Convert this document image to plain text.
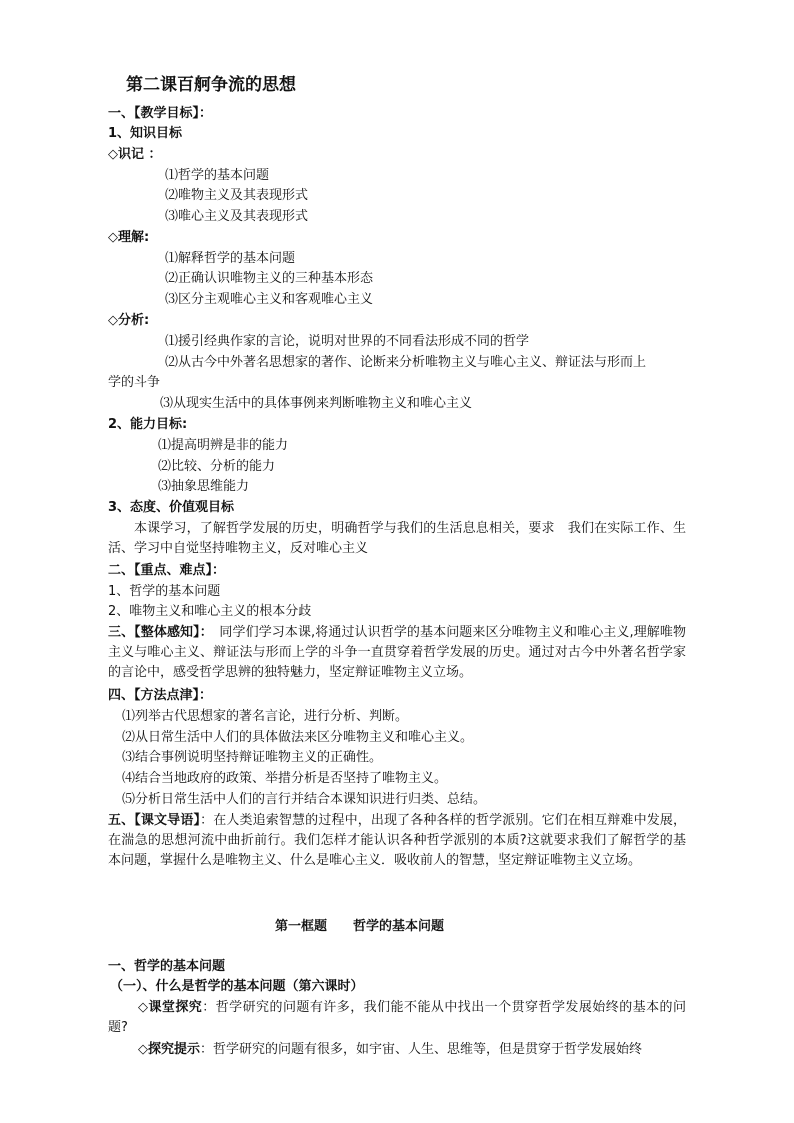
第二课百舸争流的思想
一、【教学目标】：
1、知识目标
◇识记 ：
⑴哲学的基本问题
⑵唯物主义及其表现形式
⑶唯心主义及其表现形式
◇理解:
⑴解释哲学的基本问题
⑵正确认识唯物主义的三种基本形态
⑶区分主观唯心主义和客观唯心主义
◇分析:
⑴援引经典作家的言论，说明对世界的不同看法形成不同的哲学
⑵从古今中外著名思想家的著作、论断来分析唯物主义与唯心主义、辩证法与形而上
学的斗争
⑶从现实生活中的具体事例来判断唯物主义和唯心主义
2、能力目标:
⑴提高明辨是非的能力
⑵比较、分析的能力
⑶抽象思维能力
3、态度、价值观目标
本课学习，了解哲学发展的历史，明确哲学与我们的生活息息相关，要求　我们在实际工作、生活、学习中自觉坚持唯物主义，反对唯心主义
二、【重点、难点】：
1、哲学的基本问题
2、唯物主义和唯心主义的根本分歧
三、【整体感知】：　同学们学习本课,将通过认识哲学的基本问题来区分唯物主义和唯心主义,理解唯物主义与唯心主义、辩证法与形而上学的斗争一直贯穿着哲学发展的历史。通过对古今中外著名哲学家的言论中，感受哲学思辨的独特魅力，坚定辩证唯物主义立场。
四、【方法点津】：
⑴列举古代思想家的著名言论，进行分析、判断。
⑵从日常生活中人们的具体做法来区分唯物主义和唯心主义。
⑶结合事例说明坚持辩证唯物主义的正确性。
⑷结合当地政府的政策、举措分析是否坚持了唯物主义。
⑸分析日常生活中人们的言行并结合本课知识进行归类、总结。
五、【课文导语】：在人类追索智慧的过程中，出现了各种各样的哲学派别。它们在相互辩难中发展，在湍急的思想河流中曲折前行。我们怎样才能认识各种哲学派别的本质?这就要求我们了解哲学的基本问题，掌握什么是唯物主义、什么是唯心主义．吸收前人的智慧，坚定辩证唯物主义立场。
第一框题　　哲学的基本问题
一、哲学的基本问题
（一）、什么是哲学的基本问题（第六课时）
◇课堂探究：哲学研究的问题有许多，我们能不能从中找出一个贯穿哲学发展始终的基本的问题?
◇探究提示：哲学研究的问题有很多，如宇宙、人生、思维等，但是贯穿于哲学发展始终
